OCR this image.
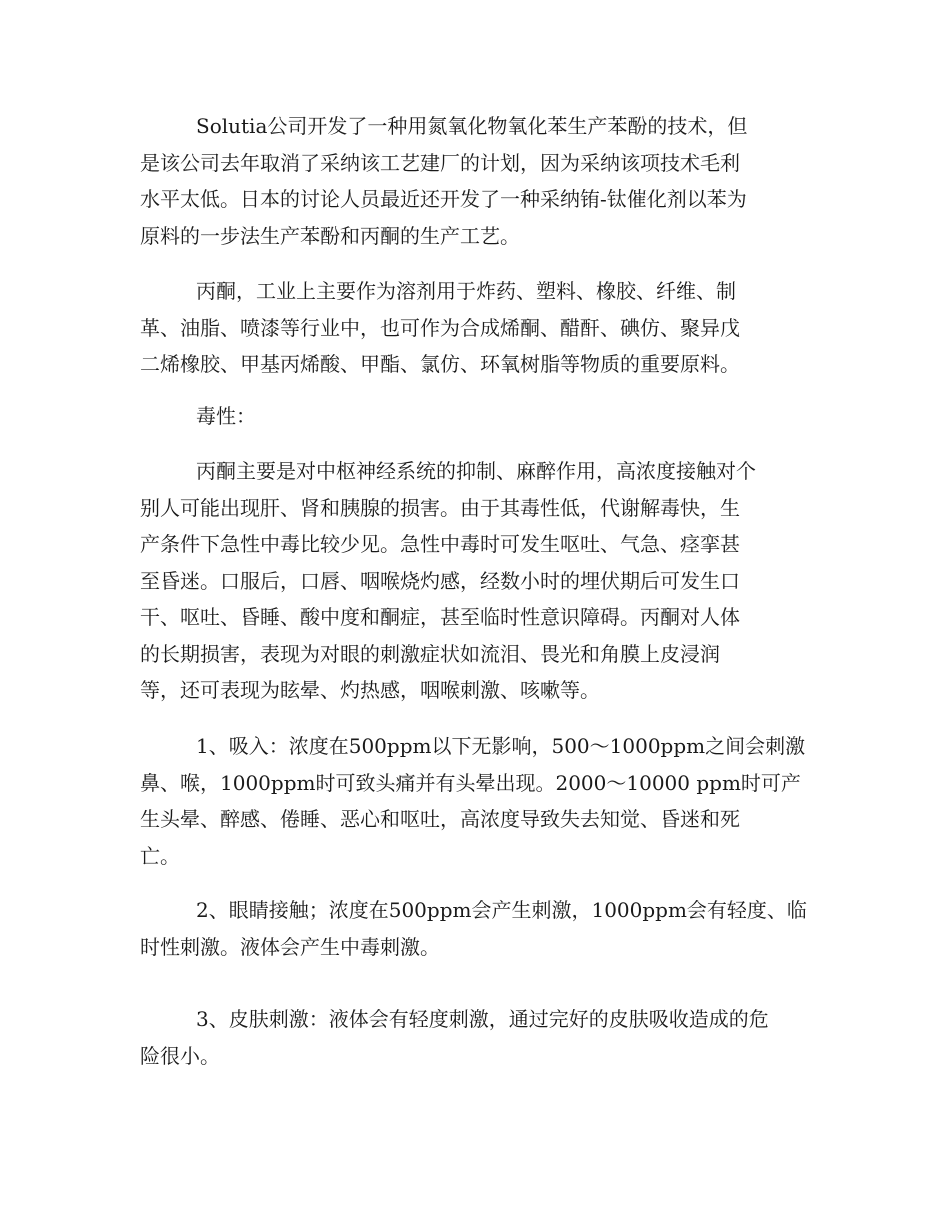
Solutia公司开发了一种用氮氧化物氧化苯生产苯酚的技术，但
是该公司去年取消了采纳该工艺建厂的计划，因为采纳该项技术毛利
水平太低。日本的讨论人员最近还开发了一种采纳铕-钛催化剂以苯为
原料的一步法生产苯酚和丙酮的生产工艺。

丙酮，工业上主要作为溶剂用于炸药、塑料、橡胶、纤维、制
革、油脂、喷漆等行业中，也可作为合成烯酮、醋酐、碘仿、聚异戊
二烯橡胶、甲基丙烯酸、甲酯、氯仿、环氧树脂等物质的重要原料。

毒性：

丙酮主要是对中枢神经系统的抑制、麻醉作用，高浓度接触对个
别人可能出现肝、肾和胰腺的损害。由于其毒性低，代谢解毒快，生
产条件下急性中毒比较少见。急性中毒时可发生呕吐、气急、痉挛甚
至昏迷。口服后，口唇、咽喉烧灼感，经数小时的埋伏期后可发生口
干、呕吐、昏睡、酸中度和酮症，甚至临时性意识障碍。丙酮对人体
的长期损害，表现为对眼的刺激症状如流泪、畏光和角膜上皮浸润
等，还可表现为眩晕、灼热感，咽喉刺激、咳嗽等。

1、吸入：浓度在500ppm以下无影响，500～1000ppm之间会刺激
鼻、喉，1000ppm时可致头痛并有头晕出现。2000～10000 ppm时可产
生头晕、醉感、倦睡、恶心和呕吐，高浓度导致失去知觉、昏迷和死
亡。

2、眼睛接触；浓度在500ppm会产生刺激，1000ppm会有轻度、临
时性刺激。液体会产生中毒刺激。

3、皮肤刺激：液体会有轻度刺激，通过完好的皮肤吸收造成的危
险很小。
